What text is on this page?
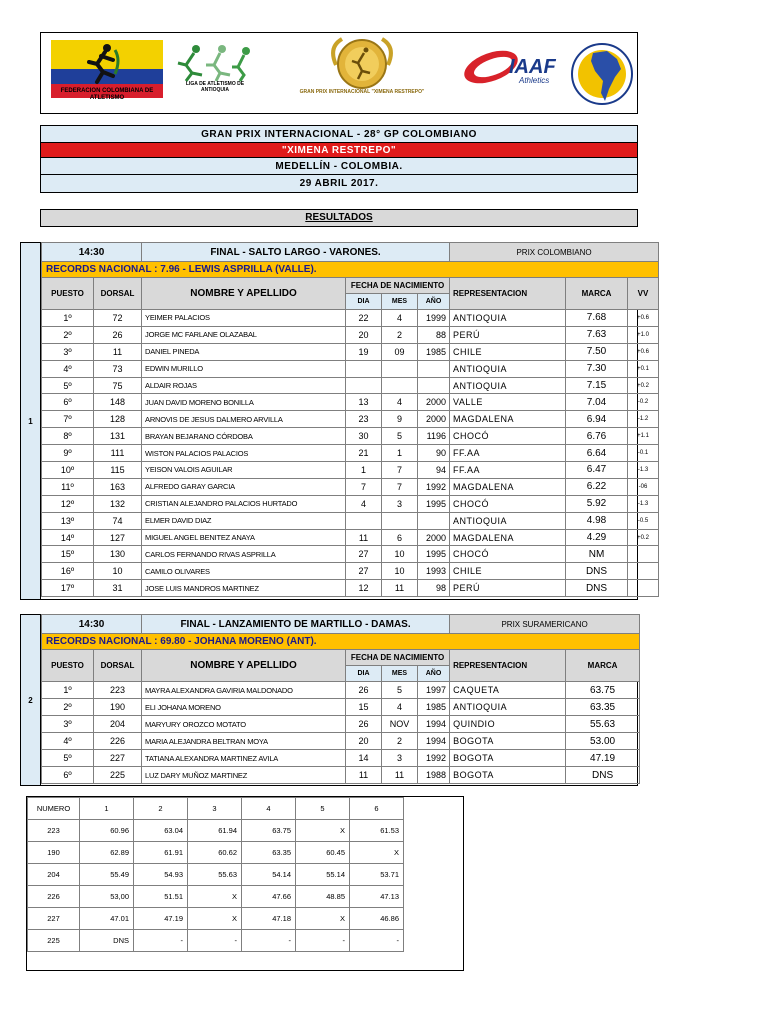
FEDERACION COLOMBIANA DE ATLETISMO
LIGA DE ATLETISMO DE ANTIOQUIA	GRAN PRIX INTERNACIONAL "XIMENA RESTREPO"
IAAF
Athletics
GRAN PRIX INTERNACIONAL - 28° GP COLOMBIANO
"XIMENA RESTREPO"
MEDELLÍN - COLOMBIA.
29 ABRIL 2017.
RESULTADOS
1
14:30		FINAL - SALTO LARGO - VARONES.				PRIX COLOMBIANO		
RECORDS NACIONAL : 7.96 - LEWIS ASPRILLA (VALLE).								
PUESTO	DORSAL	NOMBRE Y APELLIDO	FECHA DE NACIMIENTO			REPRESENTACION	MARCA	VV
			DIA	MES	AÑO			
1º	72	YEIMER PALACIOS	22	4	1999	ANTIOQUIA	7.68	+0.6
2º	26	JORGE MC FARLANE OLAZABAL	20	2	88	PERÚ	7.63	+1.0
3º	11	DANIEL PINEDA	19	09	1985	CHILE	7.50	+0.6
4º	73	EDWIN MURILLO				ANTIOQUIA	7.30	+0.1
5º	75	ALDAIR ROJAS				ANTIOQUIA	7.15	+0.2
6º	148	JUAN DAVID MORENO BONILLA	13	4	2000	VALLE	7.04	-0.2
7º	128	ARNOVIS DE JESUS DALMERO ARVILLA	23	9	2000	MAGDALENA	6.94	-1.2
8º	131	BRAYAN BEJARANO CÓRDOBA	30	5	1196	CHOCÓ	6.76	+1.1
9º	111	WISTON PALACIOS PALACIOS	21	1	90	FF.AA	6.64	-0.1
10º	115	YEISON VALOIS AGUILAR	1	7	94	FF.AA	6.47	-1.3
11º	163	ALFREDO GARAY GARCIA	7	7	1992	MAGDALENA	6.22	-06
12º	132	CRISTIAN ALEJANDRO PALACIOS HURTADO	4	3	1995	CHOCÓ	5.92	-1.3
13º	74	ELMER DAVID DIAZ				ANTIOQUIA	4.98	-0.5
14º	127	MIGUEL ANGEL BENITEZ ANAYA	11	6	2000	MAGDALENA	4.29	+0.2
15º	130	CARLOS FERNANDO RIVAS ASPRILLA	27	10	1995	CHOCÓ	NM	
16º	10	CAMILO OLIVARES	27	10	1993	CHILE	DNS	
17º	31	JOSE LUIS MANDROS MARTINEZ	12	11	98	PERÚ	DNS	
2
14:30		FINAL - LANZAMIENTO DE MARTILLO - DAMAS.				PRIX SURAMERICANO	
RECORDS NACIONAL : 69.80 - JOHANA MORENO (ANT).							
PUESTO	DORSAL	NOMBRE Y APELLIDO	FECHA DE NACIMIENTO			REPRESENTACION	MARCA
			DIA	MES	AÑO		
1º	223	MAYRA ALEXANDRA GAVIRIA MALDONADO	26	5	1997	CAQUETA	63.75
2º	190	ELI JOHANA MORENO	15	4	1985	ANTIOQUIA	63.35
3º	204	MARYURY OROZCO MOTATO	26	NOV	1994	QUINDIO	55.63
4º	226	MARIA ALEJANDRA BELTRAN MOYA	20	2	1994	BOGOTA	53.00
5º	227	TATIANA ALEXANDRA MARTINEZ AVILA	14	3	1992	BOGOTA	47.19
6º	225	LUZ DARY MUÑOZ MARTINEZ	11	11	1988	BOGOTA	DNS
NUMERO	1	2	3	4	5	6
223	60.96	63.04	61.94	63.75	X	61.53
190	62.89	61.91	60.62	63.35	60.45	X
204	55.49	54.93	55.63	54.14	55.14	53.71
226	53,00	51.51	X	47.66	48.85	47.13
227	47.01	47.19	X	47.18	X	46.86
225	DNS	-	-	-	-	-
